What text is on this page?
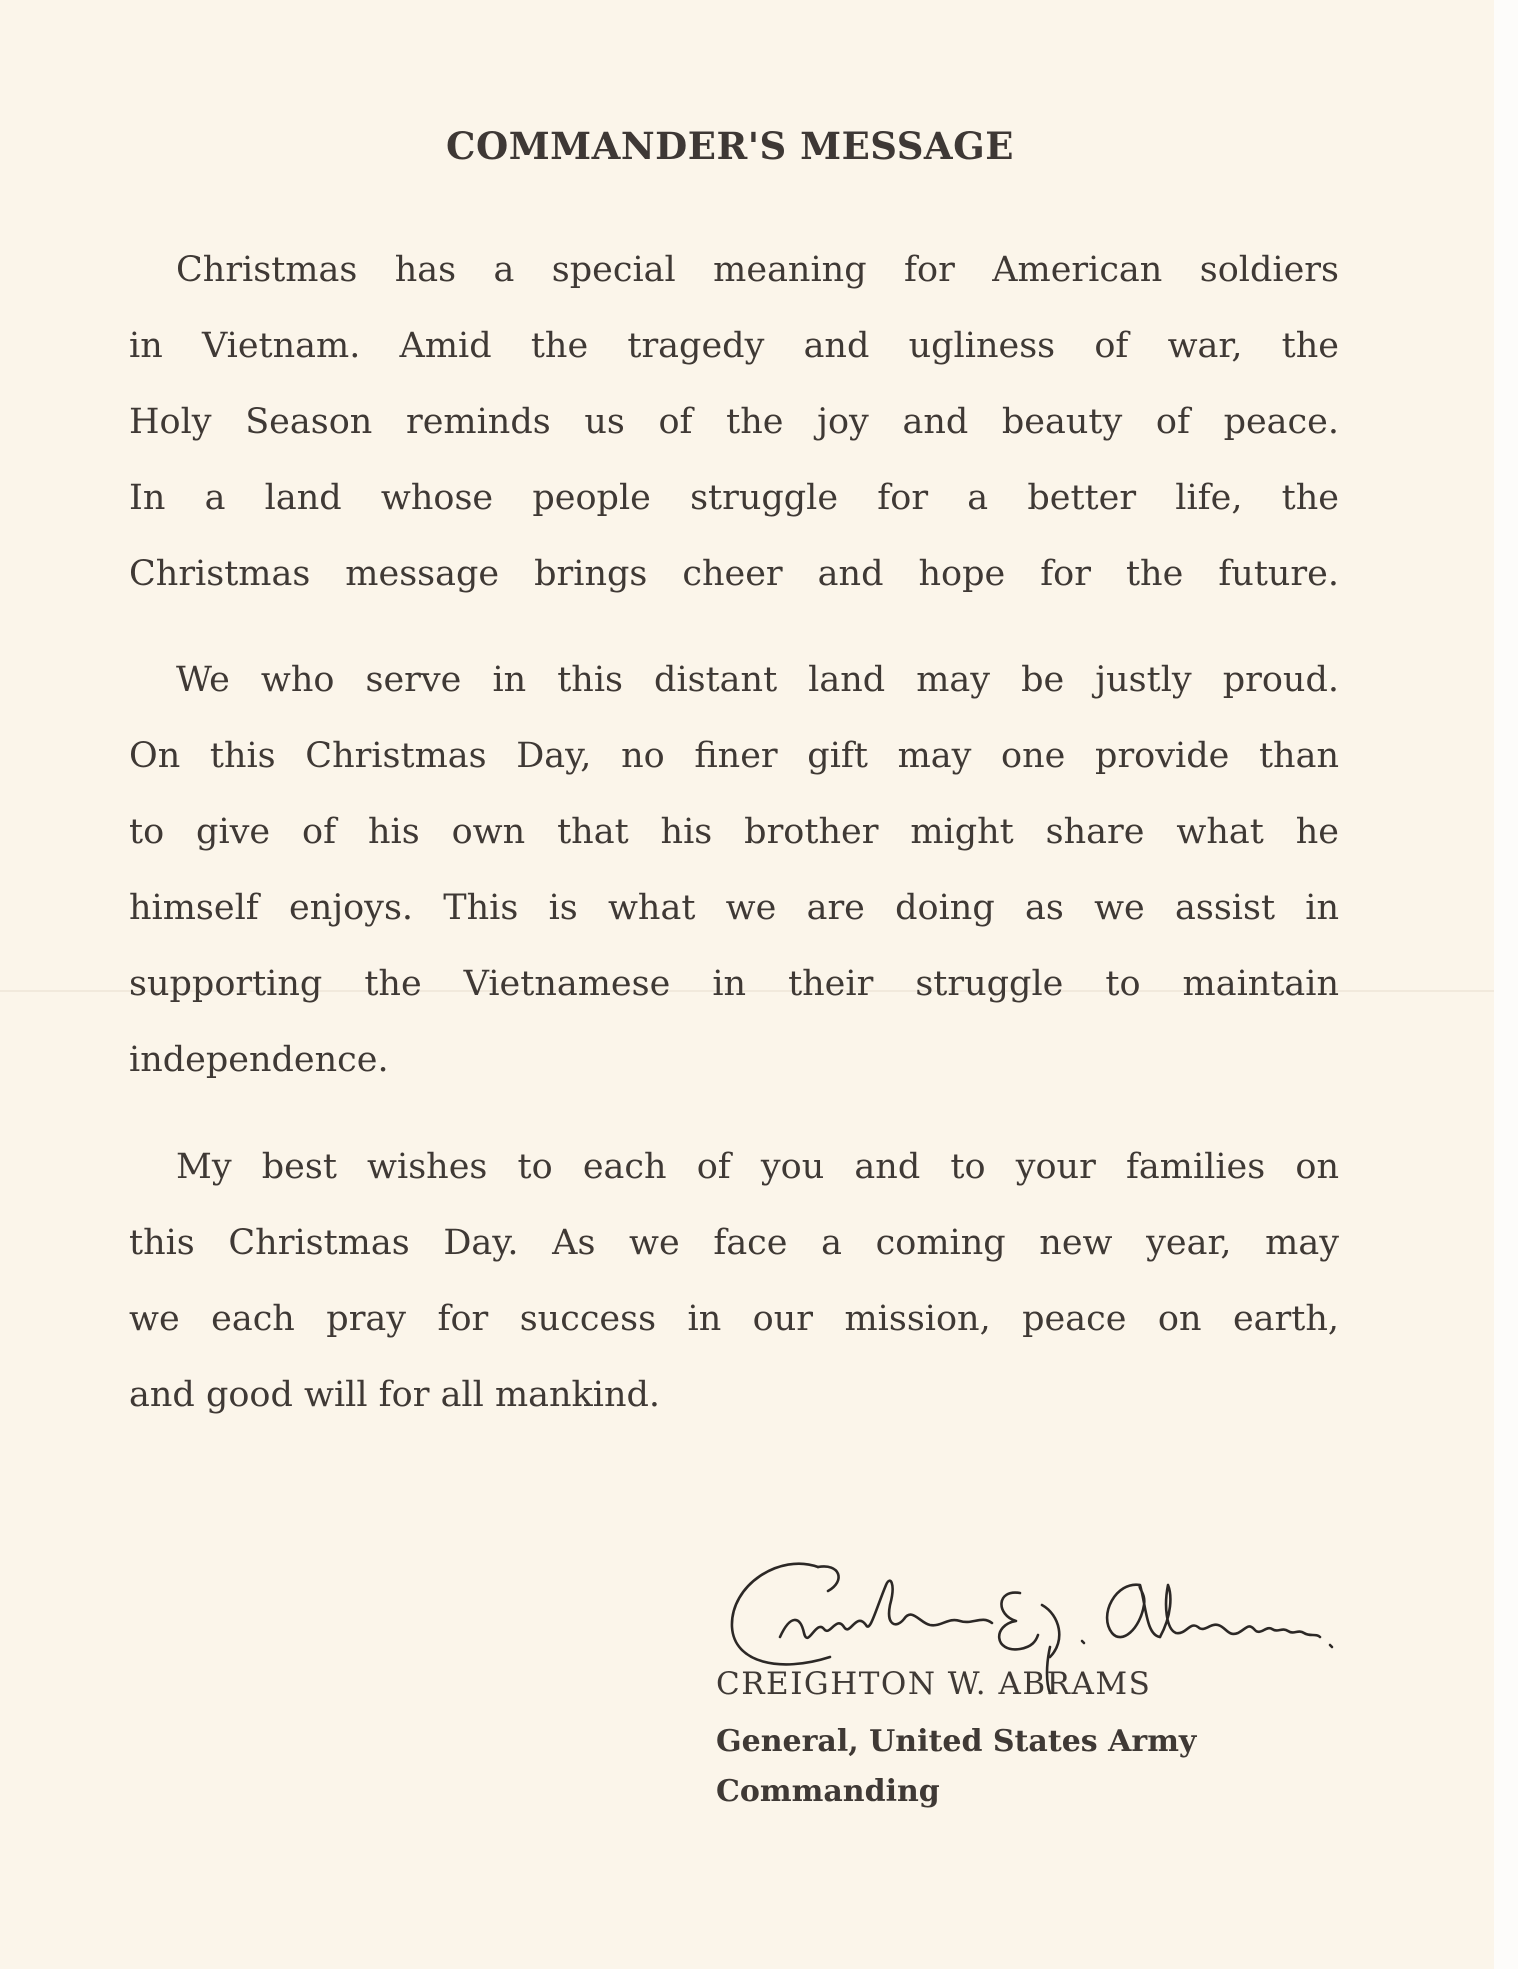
COMMANDER'S MESSAGE
Christmas has a special meaning for American soldiers
in Vietnam. Amid the tragedy and ugliness of war, the
Holy Season reminds us of the joy and beauty of peace.
In a land whose people struggle for a better life, the
Christmas message brings cheer and hope for the future.
We who serve in this distant land may be justly proud.
On this Christmas Day, no finer gift may one provide than
to give of his own that his brother might share what he
himself enjoys. This is what we are doing as we assist in
supporting the Vietnamese in their struggle to maintain
independence.
My best wishes to each of you and to your families on
this Christmas Day. As we face a coming new year, may
we each pray for success in our mission, peace on earth,
and good will for all mankind.
CREIGHTON W. ABRAMS
General, United States Army
Commanding
